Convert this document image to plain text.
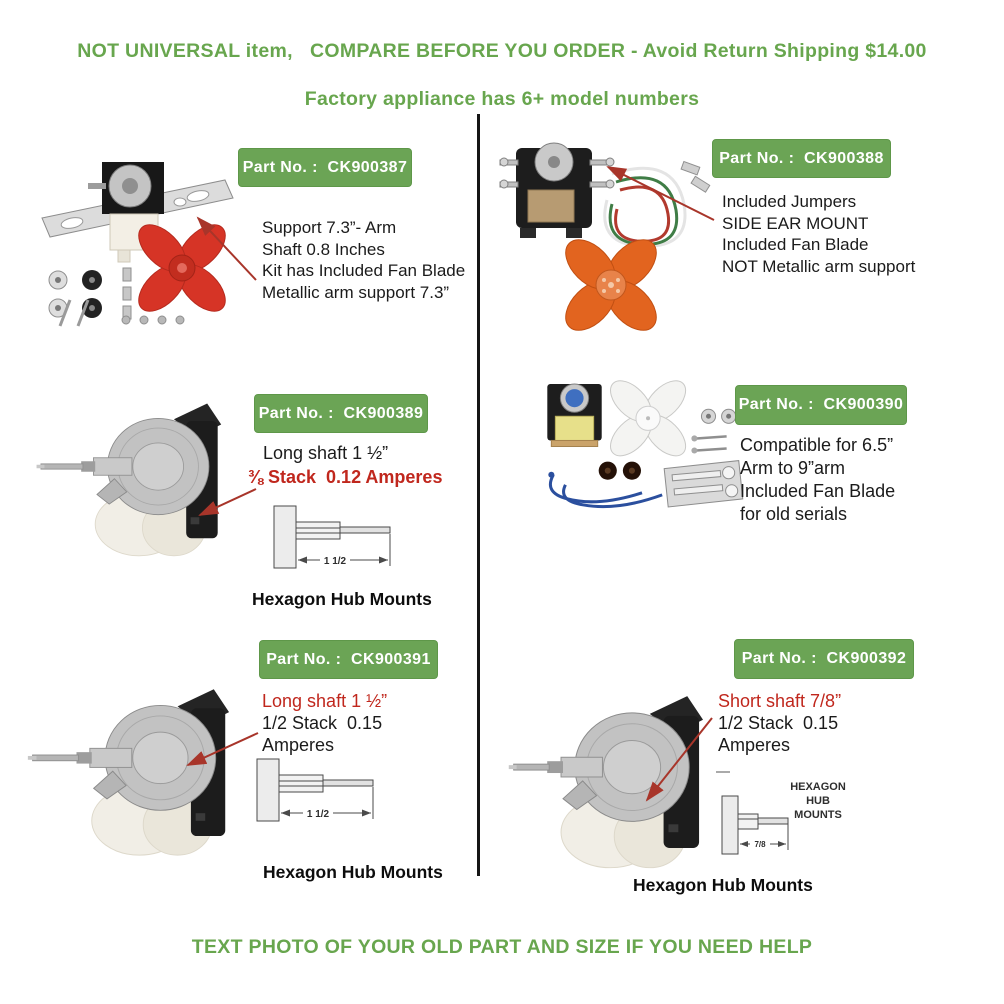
NOT UNIVERSAL item,   COMPARE BEFORE YOU ORDER - Avoid Return Shipping $14.00
Factory appliance has 6+ model numbers
Part No. :  CK900387
Support 7.3”- Arm
Shaft 0.8 Inches
Kit has Included Fan Blade
Metallic arm support 7.3”
Part No. :  CK900388
Included Jumpers
SIDE EAR MOUNT
Included Fan Blade
NOT Metallic arm support
Part No. :  CK900389
Long shaft 1 ½”
⅜ Stack  0.12 Amperes
1 1/2
Hexagon Hub Mounts
Part No. :  CK900390
Compatible for 6.5”
Arm to 9”arm
Included Fan Blade
for old serials
Part No. :  CK900391
Long shaft 1 ½”
1/2 Stack  0.15
Amperes
1 1/2
Hexagon Hub Mounts
Part No. :  CK900392
Short shaft 7/8”
1/2 Stack  0.15
Amperes
7/8
HEXAGON
HUB
MOUNTS
Hexagon Hub Mounts
TEXT PHOTO OF YOUR OLD PART AND SIZE IF YOU NEED HELP
